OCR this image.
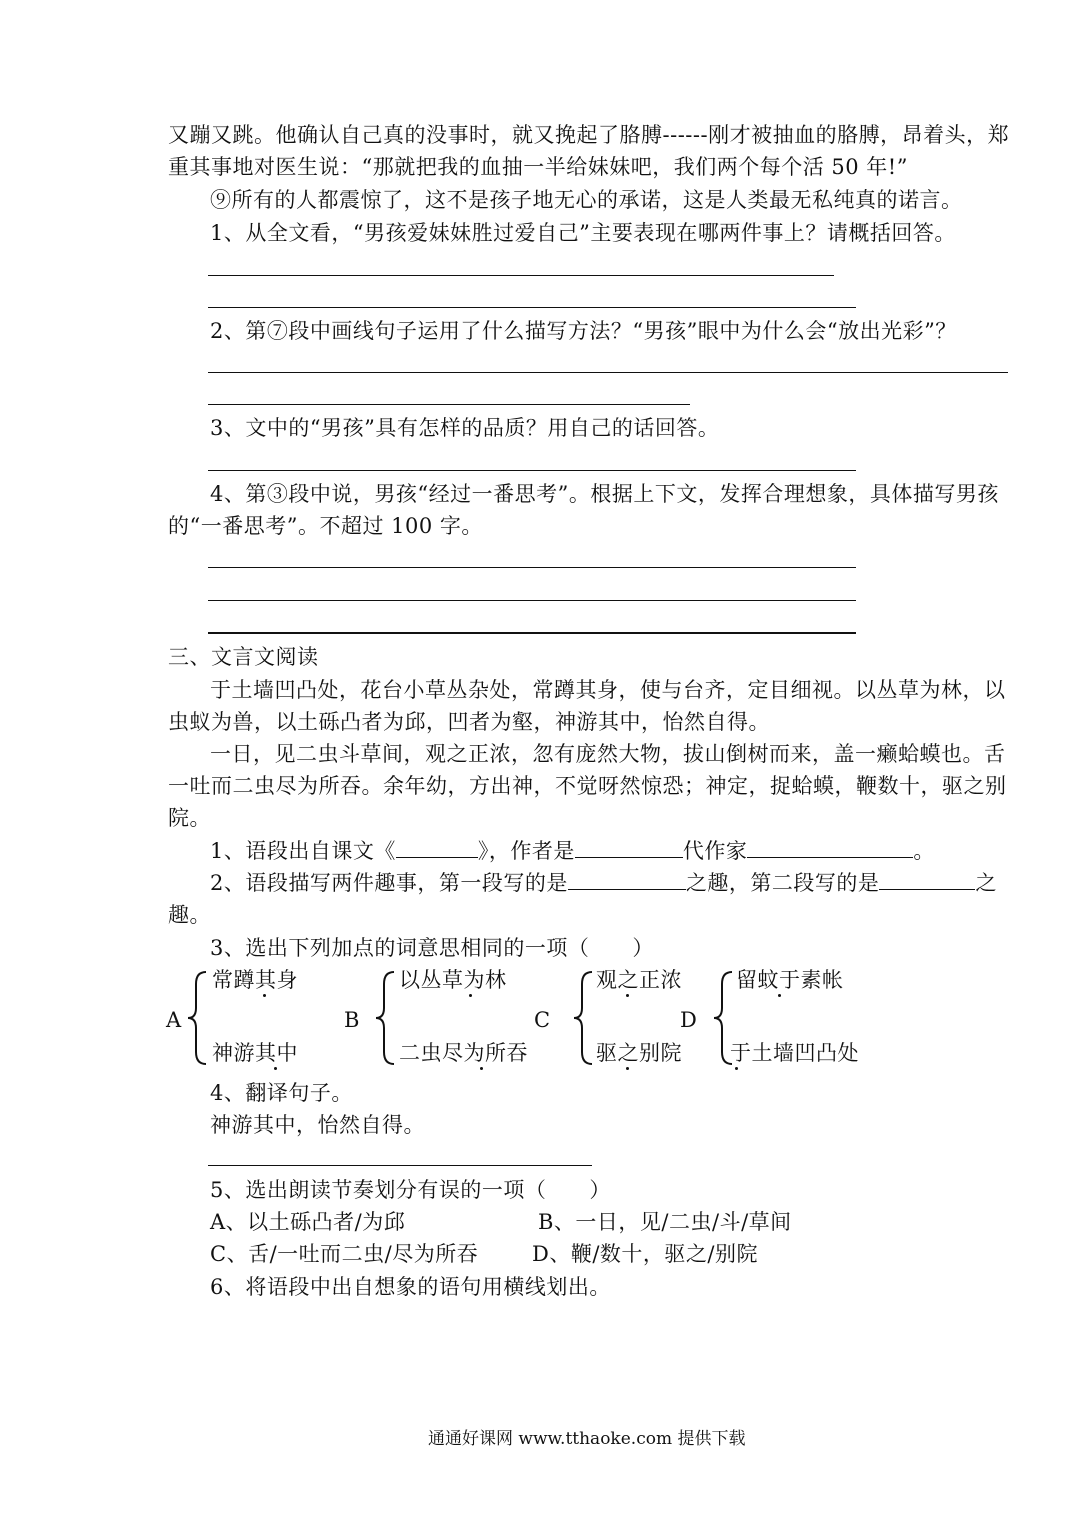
又蹦又跳。他确认自己真的没事时，就又挽起了胳膊------刚才被抽血的胳膊，昂着头，郑
重其事地对医生说：“那就把我的血抽一半给妹妹吧，我们两个每个活 50 年!”
⑨所有的人都震惊了，这不是孩子地无心的承诺，这是人类最无私纯真的诺言。
1、从全文看，“男孩爱妹妹胜过爱自己”主要表现在哪两件事上？请概括回答。
2、第⑦段中画线句子运用了什么描写方法？“男孩”眼中为什么会“放出光彩”？
3、文中的“男孩”具有怎样的品质？用自己的话回答。
4、第③段中说，男孩“经过一番思考”。根据上下文，发挥合理想象，具体描写男孩
的“一番思考”。不超过 100 字。
三、文言文阅读
于土墙凹凸处，花台小草丛杂处，常蹲其身，使与台齐，定目细视。以丛草为林，以
虫蚁为兽，以土砾凸者为邱，凹者为壑，神游其中，怡然自得。
一日，见二虫斗草间，观之正浓，忽有庞然大物，拔山倒树而来，盖一癞蛤蟆也。舌
一吐而二虫尽为所吞。余年幼，方出神，不觉呀然惊恐；神定，捉蛤蟆，鞭数十，驱之别
院。
1、语段出自课文《	》，作者是	代作家	。
2、语段描写两件趣事，第一段写的是	之趣，第二段写的是	之
趣。
3、选出下列加点的词意思相同的一项（　　）
A
常蹲其身
神游其中
B
以丛草为林
二虫尽为所吞
C
观之正浓
驱之别院
D
留蚊于素帐
于土墙凹凸处
4、翻译句子。
神游其中，怡然自得。
5、选出朗读节奏划分有误的一项（　　）
A、以土砾凸者/为邱	B、一日，见/二虫/斗/草间
C、舌/一吐而二虫/尽为所吞	D、鞭/数十，驱之/别院
6、将语段中出自想象的语句用横线划出。
通通好课网 www.tthaoke.com 提供下载
